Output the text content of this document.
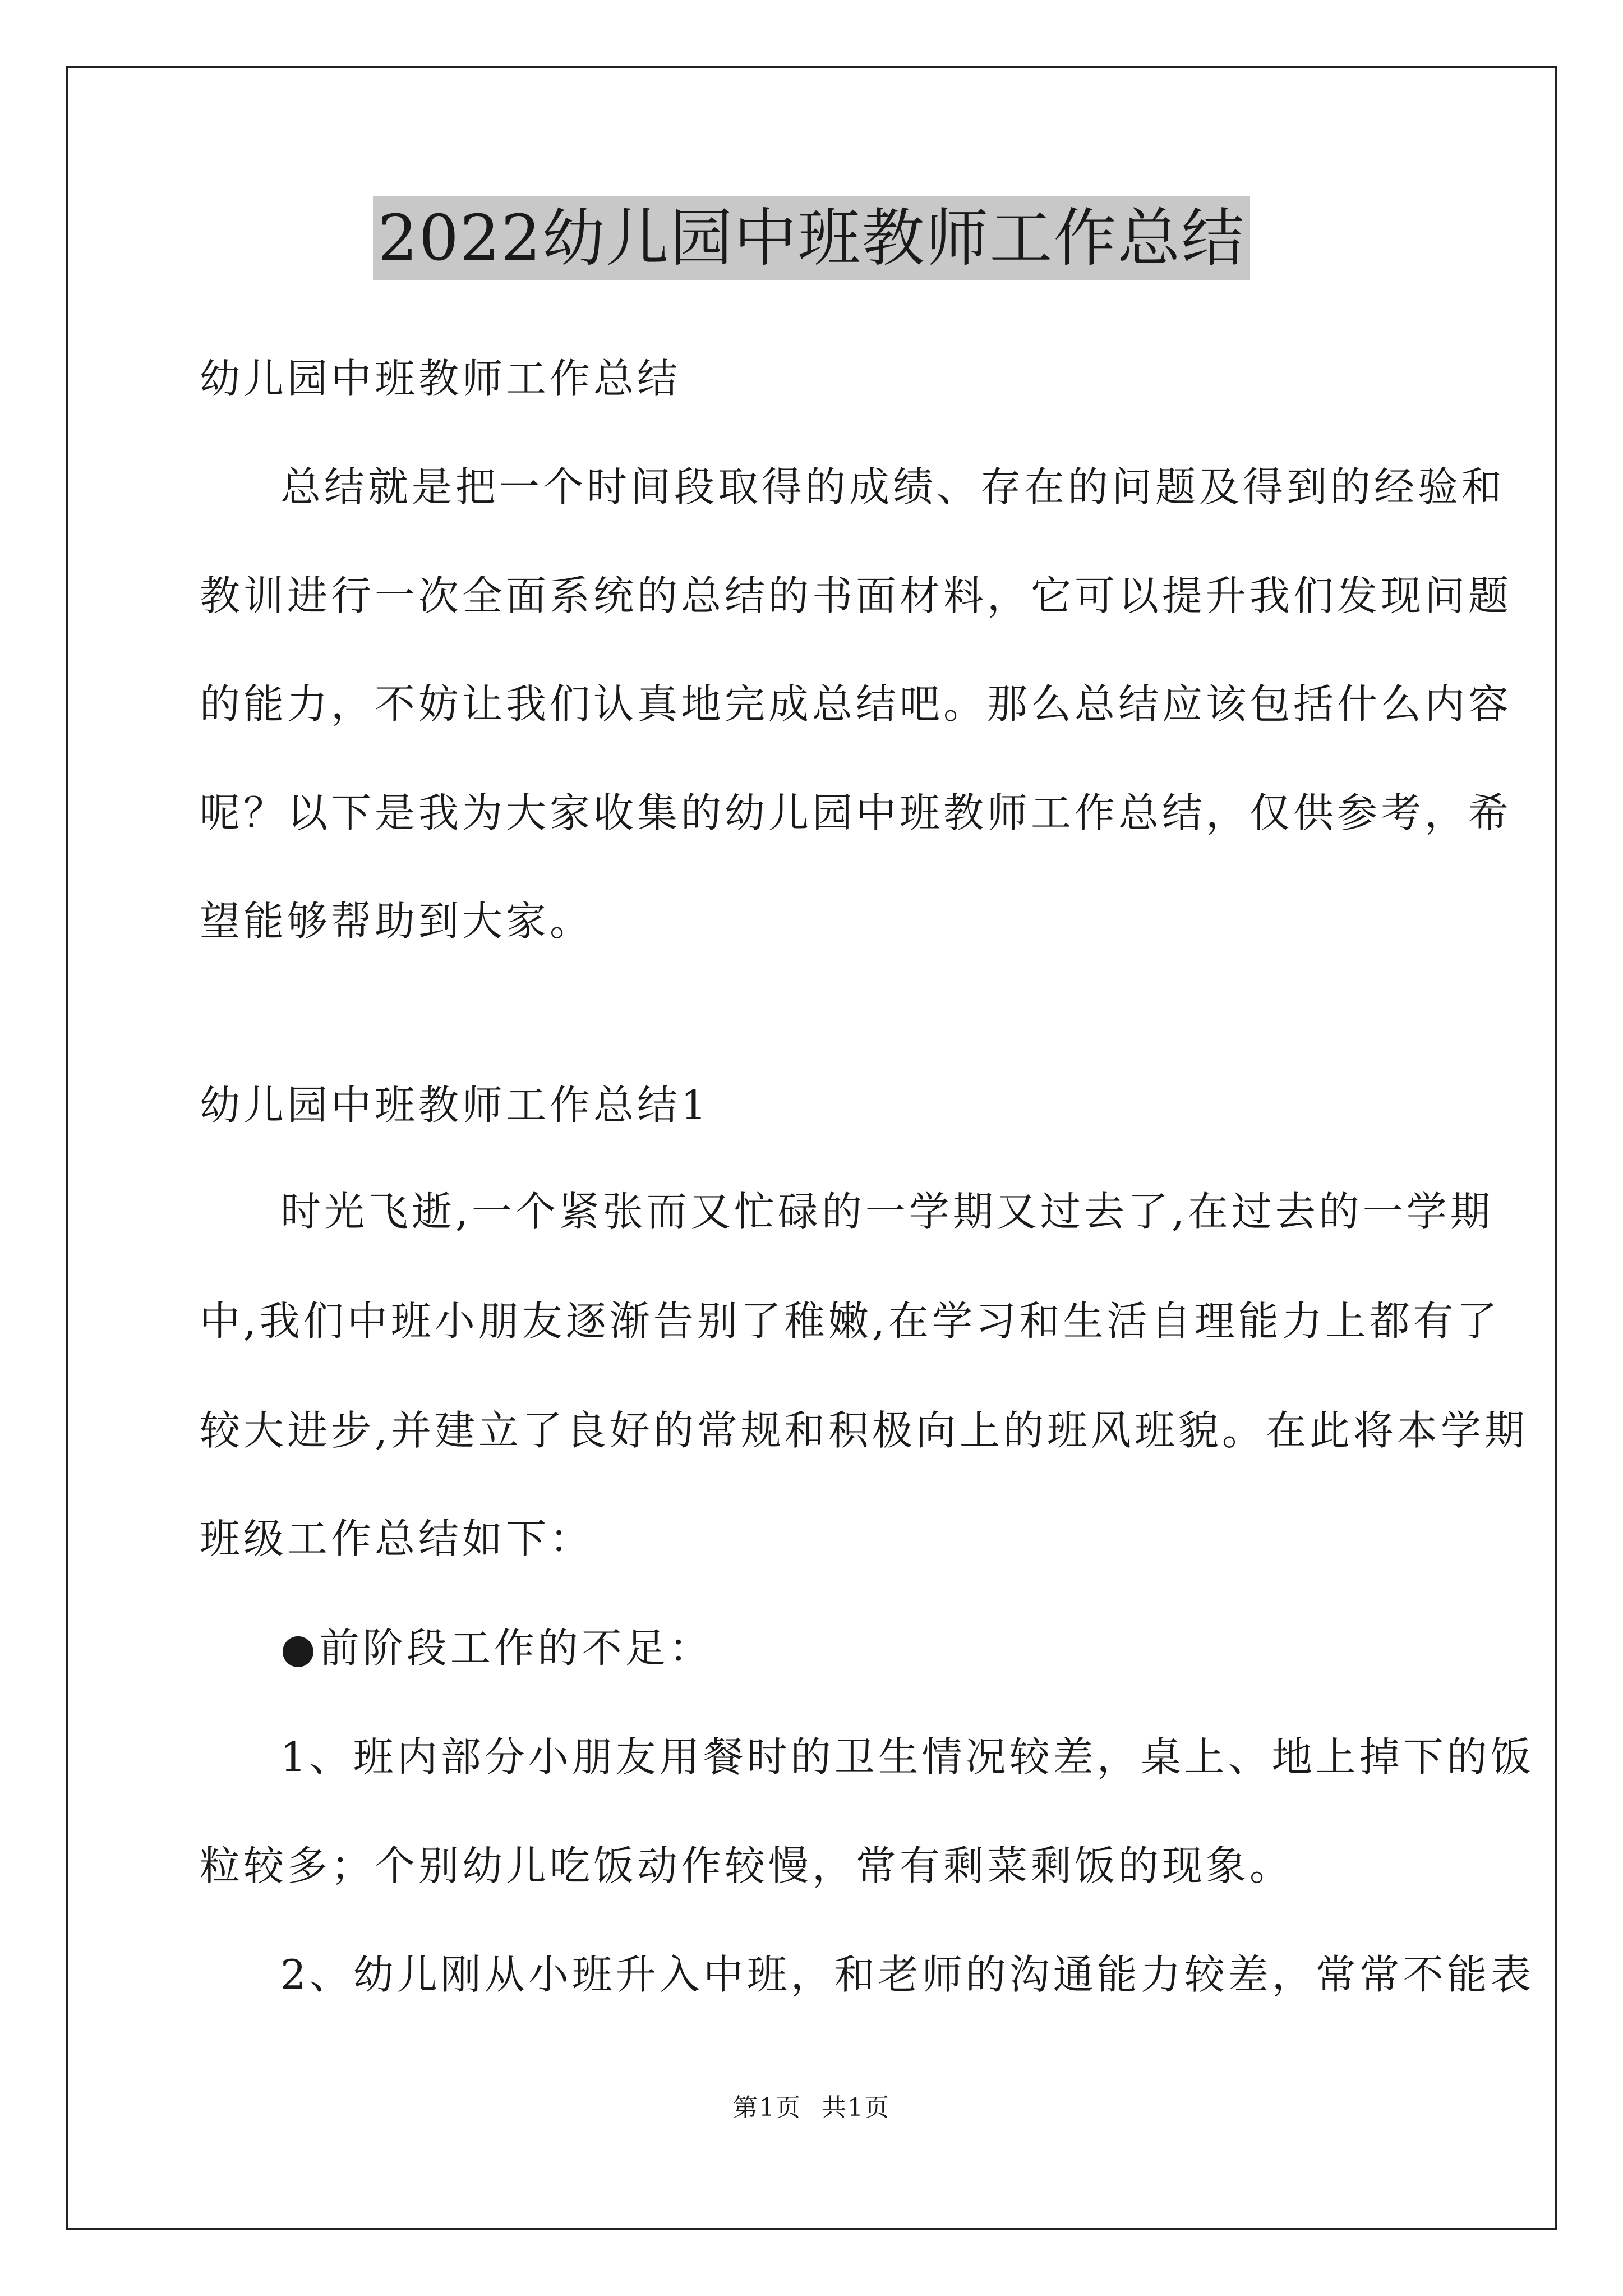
2022幼儿园中班教师工作总结
幼儿园中班教师工作总结
总结就是把一个时间段取得的成绩、存在的问题及得到的经验和
教训进行一次全面系统的总结的书面材料，它可以提升我们发现问题
的能力，不妨让我们认真地完成总结吧。那么总结应该包括什么内容
呢？以下是我为大家收集的幼儿园中班教师工作总结，仅供参考，希
望能够帮助到大家。
幼儿园中班教师工作总结1
时光飞逝,一个紧张而又忙碌的一学期又过去了,在过去的一学期
中,我们中班小朋友逐渐告别了稚嫩,在学习和生活自理能力上都有了
较大进步,并建立了良好的常规和积极向上的班风班貌。在此将本学期
班级工作总结如下：
●前阶段工作的不足：
1、班内部分小朋友用餐时的卫生情况较差，桌上、地上掉下的饭
粒较多；个别幼儿吃饭动作较慢，常有剩菜剩饭的现象。
2、幼儿刚从小班升入中班，和老师的沟通能力较差，常常不能表
第1页 共1页
